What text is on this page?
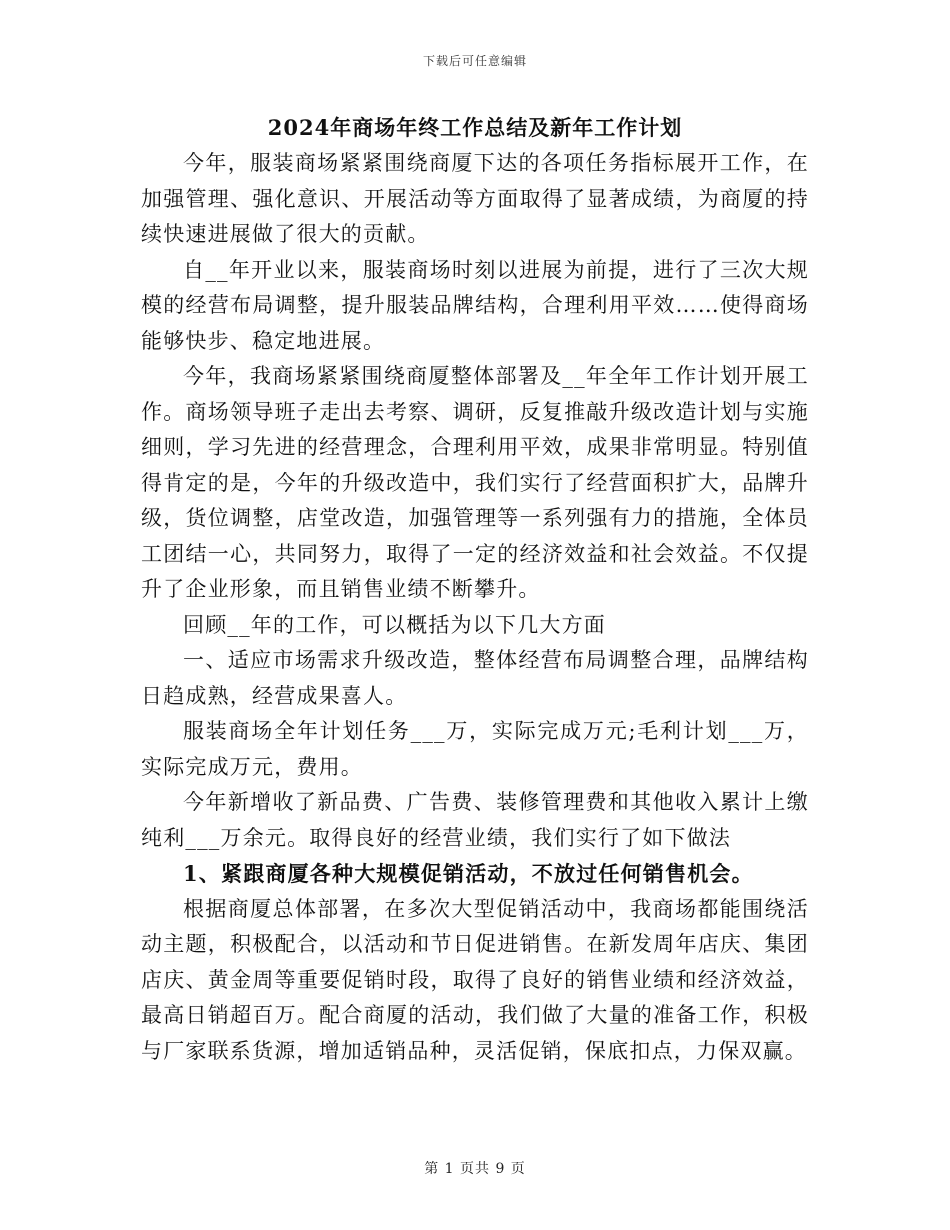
下载后可任意编辑
2024年商场年终工作总结及新年工作计划

今年，服装商场紧紧围绕商厦下达的各项任务指标展开工作，在加强管理、强化意识、开展活动等方面取得了显著成绩，为商厦的持续快速进展做了很大的贡献。

自__年开业以来，服装商场时刻以进展为前提，进行了三次大规模的经营布局调整，提升服装品牌结构，合理利用平效……使得商场能够快步、稳定地进展。

今年，我商场紧紧围绕商厦整体部署及__年全年工作计划开展工作。商场领导班子走出去考察、调研，反复推敲升级改造计划与实施细则，学习先进的经营理念，合理利用平效，成果非常明显。特别值得肯定的是，今年的升级改造中，我们实行了经营面积扩大，品牌升级，货位调整，店堂改造，加强管理等一系列强有力的措施，全体员工团结一心，共同努力，取得了一定的经济效益和社会效益。不仅提升了企业形象，而且销售业绩不断攀升。

回顾__年的工作，可以概括为以下几大方面

一、适应市场需求升级改造，整体经营布局调整合理，品牌结构日趋成熟，经营成果喜人。

服装商场全年计划任务___万，实际完成万元;毛利计划___万，实际完成万元，费用。

今年新增收了新品费、广告费、装修管理费和其他收入累计上缴纯利___万余元。取得良好的经营业绩，我们实行了如下做法

1、紧跟商厦各种大规模促销活动，不放过任何销售机会。

根据商厦总体部署，在多次大型促销活动中，我商场都能围绕活动主题，积极配合，以活动和节日促进销售。在新发周年店庆、集团店庆、黄金周等重要促销时段，取得了良好的销售业绩和经济效益，最高日销超百万。配合商厦的活动，我们做了大量的准备工作，积极与厂家联系货源，增加适销品种，灵活促销，保底扣点，力保双赢。

第 1 页共 9 页
